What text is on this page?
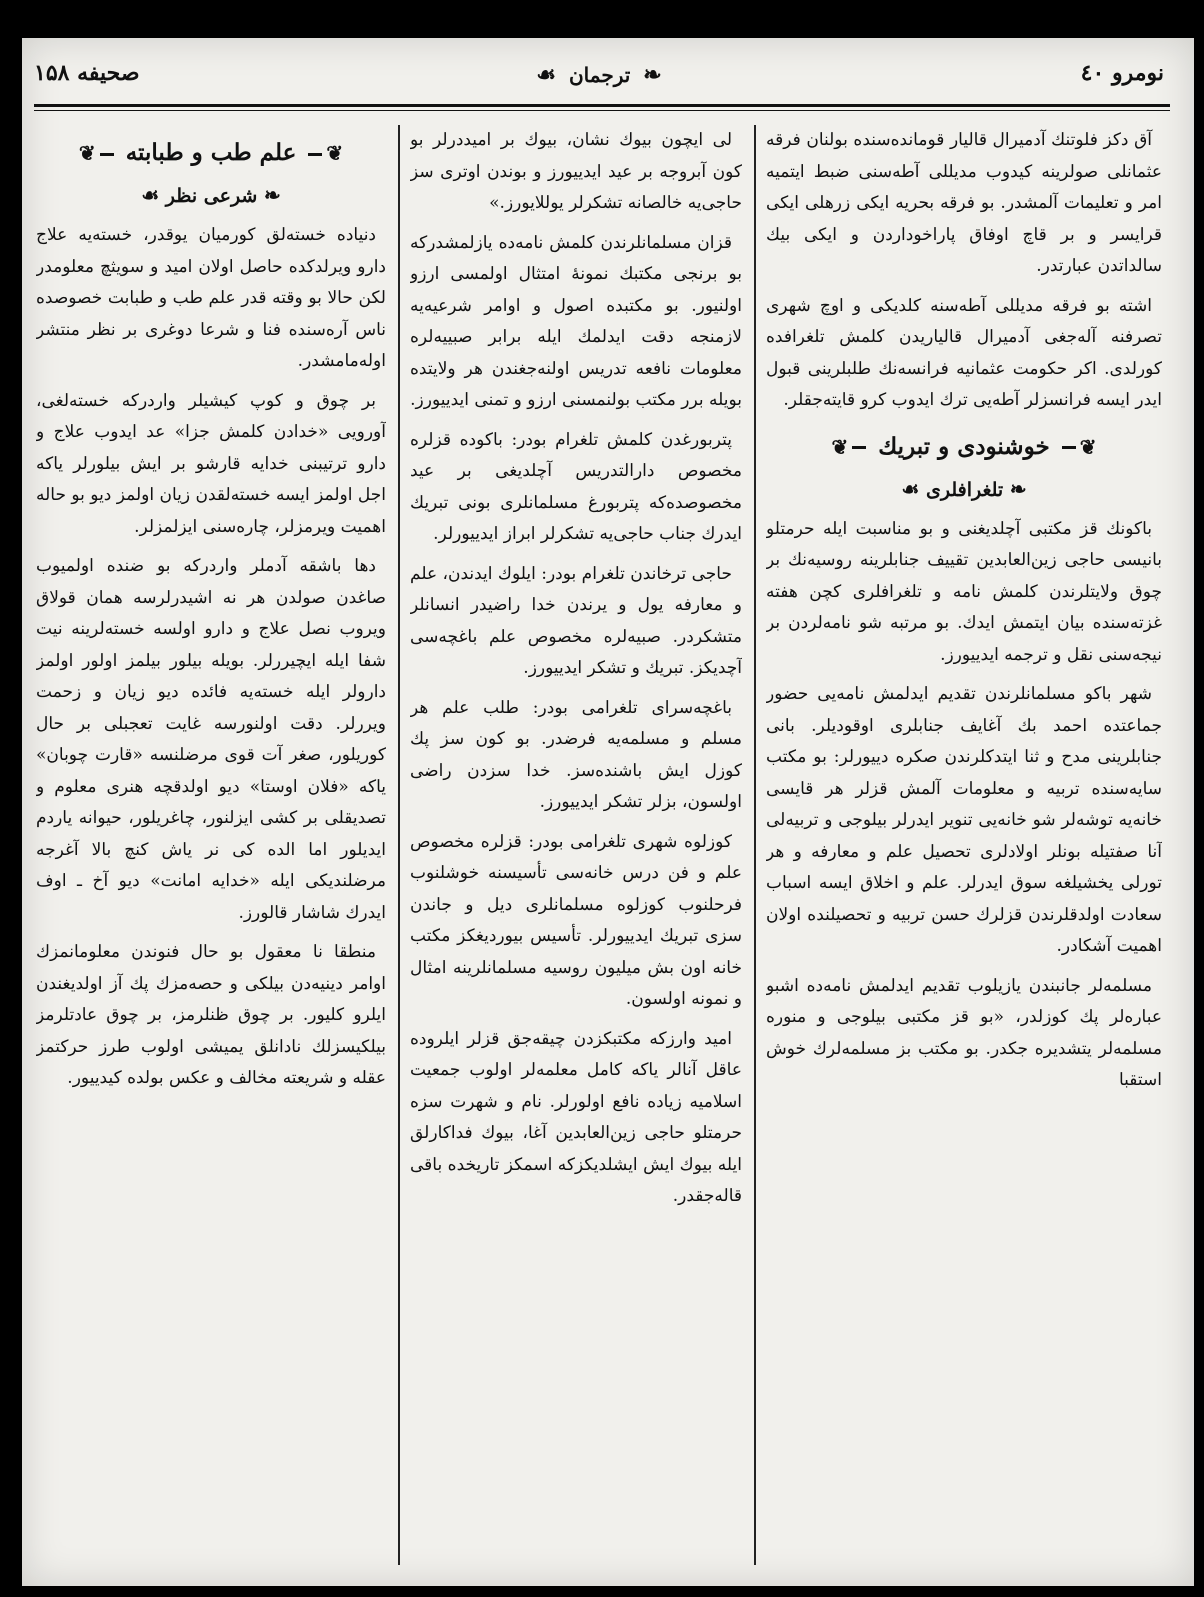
صحیفه ۱۵۸	❧ ترجمان ☙	نومرو ٤٠

آق دکز فلوتنك آدمیرال قالیار قوماندەسندە بولنان فرقە عثمانلی صولرینە کیدوب مدیللی آطەسنی ضبط ایتمیە امر و تعلیمات آلمشدر. بو فرقە بحریە ایکی زرهلی ایکی قرایسر و بر قاچ اوفاق پاراخوداردن و ایکی بیك سالداتدن عبارتدر.

اشتە بو فرقە مدیللی آطەسنە کلدیکی و اوچ شهری تصرفنە آلەجغی آدمیرال قالیاریدن کلمش تلغرافدە کورلدی. اکر حکومت عثمانیە فرانسەنك طلبلرینی قبول ایدر ایسە فرانسزلر آطەیی ترك ایدوب کرو قایتەجقلر.

❦ خوشنودی و تبریك ❦
❧ تلغرافلری ☙

باکونك قز مکتبی آچلدیغنی و بو مناسبت ایلە حرمتلو بانیسی حاجی زین‌العابدین تقییف جنابلرینە روسیەنك بر چوق ولایتلرندن کلمش نامە و تلغرافلری کچن هفتە غزتەسندە بیان ایتمش ایدك. بو مرتبە شو نامەلردن بر نیجەسنی نقل و ترجمە ایدییورز.

شهر باکو مسلمانلرندن تقدیم ایدلمش نامەیی حضور جماعتدە احمد بك آغایف جنابلری اوقودیلر. بانی جنابلرینی مدح و ثنا ایتدکلرندن صکرە دییورلر: بو مکتب سایەسندە تربیە و معلومات آلمش قزلر هر قایسی خانەیە توشەلر شو خانەیی تنویر ایدرلر بیلوجی و تربیەلی آنا صفتیلە بونلر اولادلری تحصیل علم و معارفە و هر تورلی یخشیلغە سوق ایدرلر. علم و اخلاق ایسە اسباب سعادت اولدقلرندن قزلرك حسن تربیە و تحصیلندە اولان اهمیت آشکادر.

مسلمەلر جانبندن یازیلوب تقدیم ایدلمش نامەدە اشبو عبارەلر پك کوزلدر، «بو قز مکتبی بیلوجی و منورە مسلمەلر یتشدیرە جکدر. بو مکتب بز مسلمەلرك خوش استقبا

لی ایچون بیوك نشان، بیوك بر امیددرلر بو کون آبروجە بر عید ایدییورز و بوندن اوتری سز حاجی‌یە خالصانە تشکرلر یوللایورز.»

قزان مسلمانلرندن کلمش نامەدە یازلمشدرکە بو برنجی مکتبك نمونۀ امتثال اولمسی ارزو اولنیور. بو مکتبدە اصول و اوامر شرعیەیە لازمنجە دقت ایدلمك ایلە برابر صبییەلرە معلومات نافعە تدریس اولنەجغندن هر ولایتدە بویلە برر مکتب بولنمسنی ارزو و تمنی ایدییورز.

پتربورغدن کلمش تلغرام بودر: باکودە قزلرە مخصوص دارالتدریس آچلدیغی بر عید مخصوصدەکە پتربورغ مسلمانلری بونی تبریك ایدرك جناب حاجی‌یە تشکرلر ابراز ایدییورلر.

حاجی ترخاندن تلغرام بودر: ایلوك ایدندن، علم و معارفە یول و یرندن خدا راضیدر انسانلر متشکردر. صبیەلرە مخصوص علم باغچەسی آچدیکز. تبریك و تشکر ایدییورز.

باغچەسرای تلغرامی بودر: طلب علم هر مسلم و مسلمەیە فرضدر. بو کون سز پك کوزل ایش باشندەسز. خدا سزدن راضی اولسون، بزلر تشکر ایدییورز.

کوزلوە شهری تلغرامی بودر: قزلرە مخصوص علم و فن درس خانەسی تأسیسنە خوشلنوب فرحلنوب کوزلوە مسلمانلری دیل و جاندن سزی تبریك ایدییورلر. تأسیس بیوردیغکز مکتب خانە اون بش میلیون روسیە مسلمانلرینە امثال و نمونە اولسون.

امید وارزکە مکتبکزدن چیقەجق قزلر ایلرودە عاقل آنالر یاکە کامل معلمەلر اولوب جمعیت اسلامیە زیادە نافع اولورلر. نام و شهرت سزە حرمتلو حاجی زین‌العابدین آغا، بیوك فداکارلق ایلە بیوك ایش ایشلدیکزکە اسمکز تاریخدە باقی قالەجقدر.

❦ علم طب و طبابتە ❦
❧ شرعی نظر ☙

دنیادە خستەلق کورمیان یوقدر، خستەیە علاج دارو ویرلدکدە حاصل اولان امید و سویثچ معلومدر لکن حالا بو وقتە قدر علم طب و طبابت خصوصدە ناس آرەسندە فنا و شرعا دوغری بر نظر منتشر اولەمامشدر.

بر چوق و کوپ کیشیلر واردرکە خستەلغی، آورویی «خدادن کلمش جزا» عد ایدوب علاج و دارو ترتیبنی خدایە قارشو بر ایش بیلورلر یاکە اجل اولمز ایسە خستەلقدن زیان اولمز دیو بو حالە اهمیت ویرمزلر، چارەسنی ایزلمزلر.

دها باشقە آدملر واردرکە بو ضندە اولمیوب صاغدن صولدن هر نە اشیدرلرسە همان قولاق ویروب نصل علاج و دارو اولسە خستەلرینە نیت شفا ایلە ایچیررلر. بویلە بیلور بیلمز اولور اولمز دارولر ایلە خستەیە فائدە دیو زیان و زحمت ویررلر. دقت اولنورسە غایت تعجبلی بر حال کوریلور، صغر آت قوی مرضلنسە «قارت چوبان» یاکە «فلان اوستا» دیو اولدقچە هنری معلوم و تصدیقلی بر کشی ایزلنور، چاغریلور، حیوانە یاردم ایدیلور اما الدە کی نر یاش کنچ بالا آغرجە مرضلندیکی ایلە «خدایە امانت» دیو آخ ـ اوف ایدرك شاشار قالورز.

منطقا نا معقول بو حال فنوندن معلومانمزك اوامر دینیەدن بیلکی و حصەمزك پك آز اولدیغندن ایلرو کلیور. بر چوق ظنلرمز، بر چوق عادتلرمز بیلکیسزلك نادانلق یمیشی اولوب طرز حرکتمز عقلە و شریعتە مخالف و عکس بولدە کیدییور.
